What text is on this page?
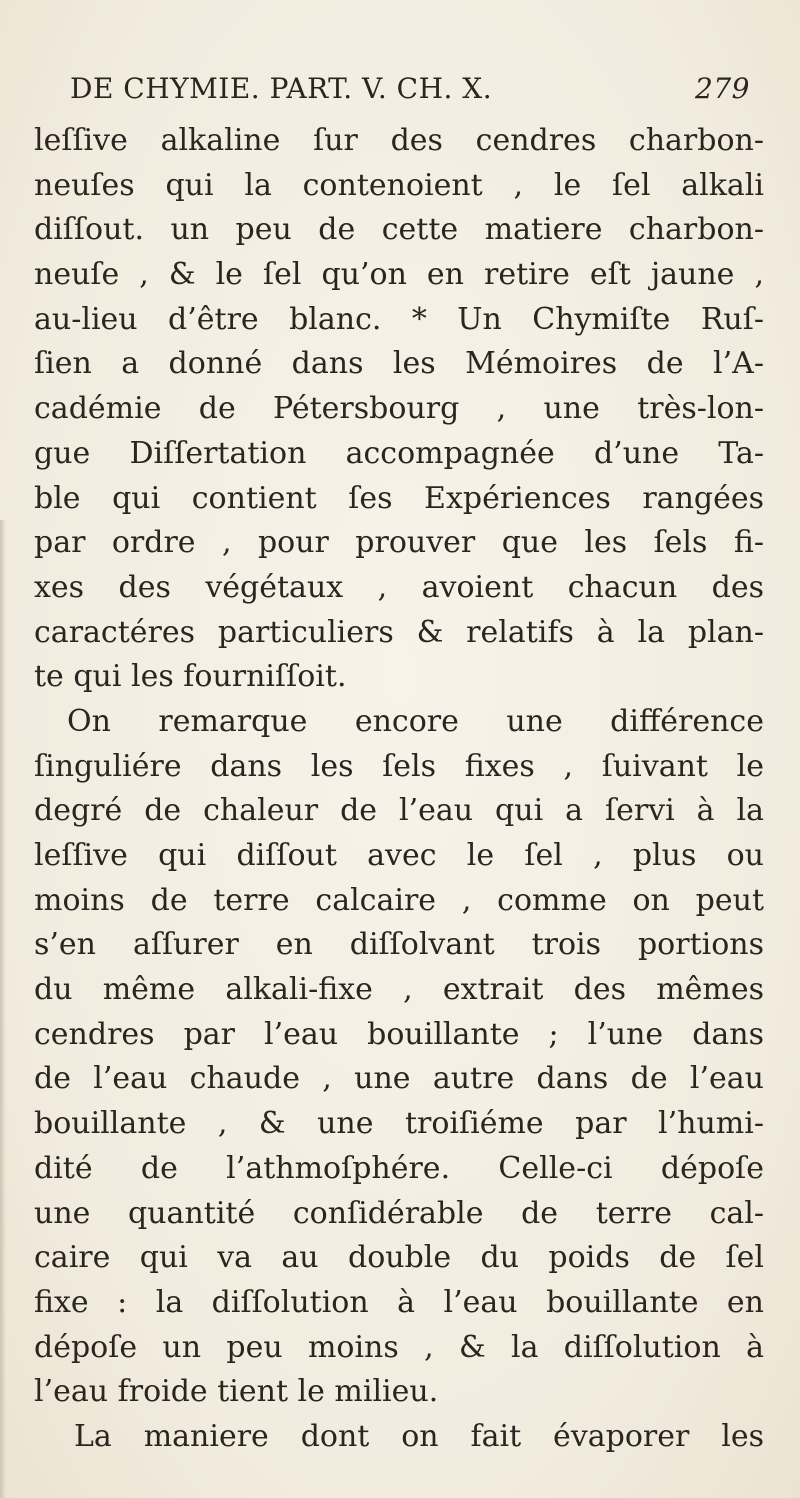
DE CHYMIE. PART. V. CH. X.	279
leſſive alkaline ſur des cendres charbon-
neuſes qui la contenoient , le ſel alkali
diſſout. un peu de cette matiere charbon-
neuſe , & le ſel qu’on en retire eſt jaune ,
au-lieu d’être blanc. * Un Chymiſte Ruſ-
ſien a donné dans les Mémoires de l’A-
cadémie de Pétersbourg , une très-lon-
gue Diſſertation accompagnée d’une Ta-
ble qui contient ſes Expériences rangées
par ordre , pour prouver que les ſels fi-
xes des végétaux , avoient chacun des
caractéres particuliers & relatifs à la plan-
te qui les fourniſſoit.
On remarque encore une différence
ſinguliére dans les ſels fixes , ſuivant le
degré de chaleur de l’eau qui a ſervi à la
leſſive qui diſſout avec le ſel , plus ou
moins de terre calcaire , comme on peut
s’en aſſurer en diſſolvant trois portions
du même alkali-fixe , extrait des mêmes
cendres par l’eau bouillante ; l’une dans
de l’eau chaude , une autre dans de l’eau
bouillante , & une troiſiéme par l’humi-
dité de l’athmoſphére. Celle-ci dépoſe
une quantité conſidérable de terre cal-
caire qui va au double du poids de ſel
fixe : la diſſolution à l’eau bouillante en
dépoſe un peu moins , & la diſſolution à
l’eau froide tient le milieu.
La maniere dont on fait évaporer les
